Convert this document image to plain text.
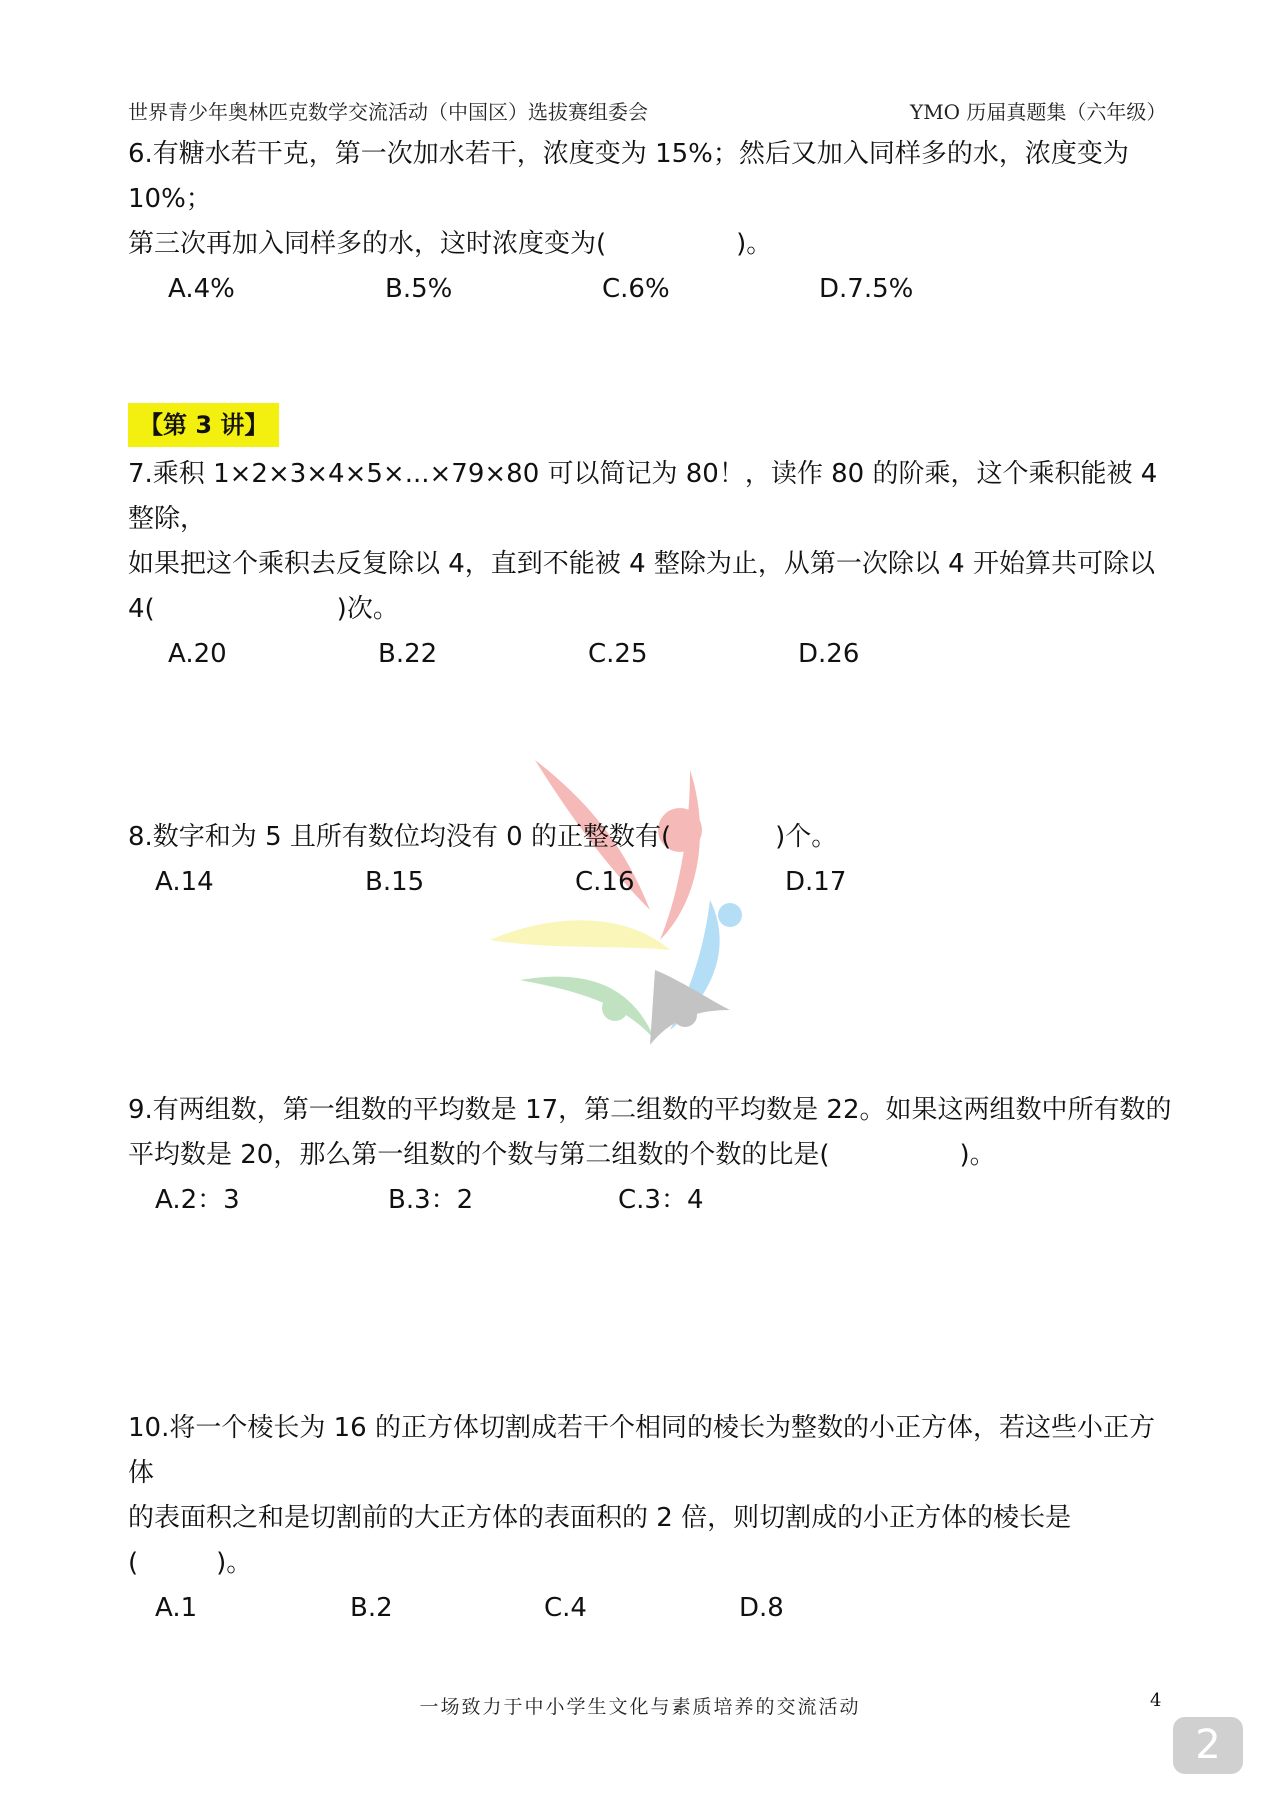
世界青少年奥林匹克数学交流活动（中国区）选拔赛组委会	YMO 历届真题集（六年级）
6.有糖水若干克，第一次加水若干，浓度变为 15%；然后又加入同样多的水，浓度变为 10%；
第三次再加入同样多的水，这时浓度变为(　　　　　)。
A.4%	B.5%	C.6%	D.7.5%
【第 3 讲】
7.乘积 1×2×3×4×5×...×79×80 可以简记为 80！，读作 80 的阶乘，这个乘积能被 4 整除，
如果把这个乘积去反复除以 4，直到不能被 4 整除为止，从第一次除以 4 开始算共可除以
4(　　　　　　　)次。
A.20	B.22	C.25	D.26
8.数字和为 5 且所有数位均没有 0 的正整数有(　　　　)个。
A.14	B.15	C.16	D.17
9.有两组数，第一组数的平均数是 17，第二组数的平均数是 22。如果这两组数中所有数的
平均数是 20，那么第一组数的个数与第二组数的个数的比是(　　　　　)。
A.2：3	B.3：2	C.3：4
10.将一个棱长为 16 的正方体切割成若干个相同的棱长为整数的小正方体，若这些小正方体
的表面积之和是切割前的大正方体的表面积的 2 倍，则切割成的小正方体的棱长是(　　　)。
A.1	B.2	C.4	D.8
一场致力于中小学生文化与素质培养的交流活动	4
2
